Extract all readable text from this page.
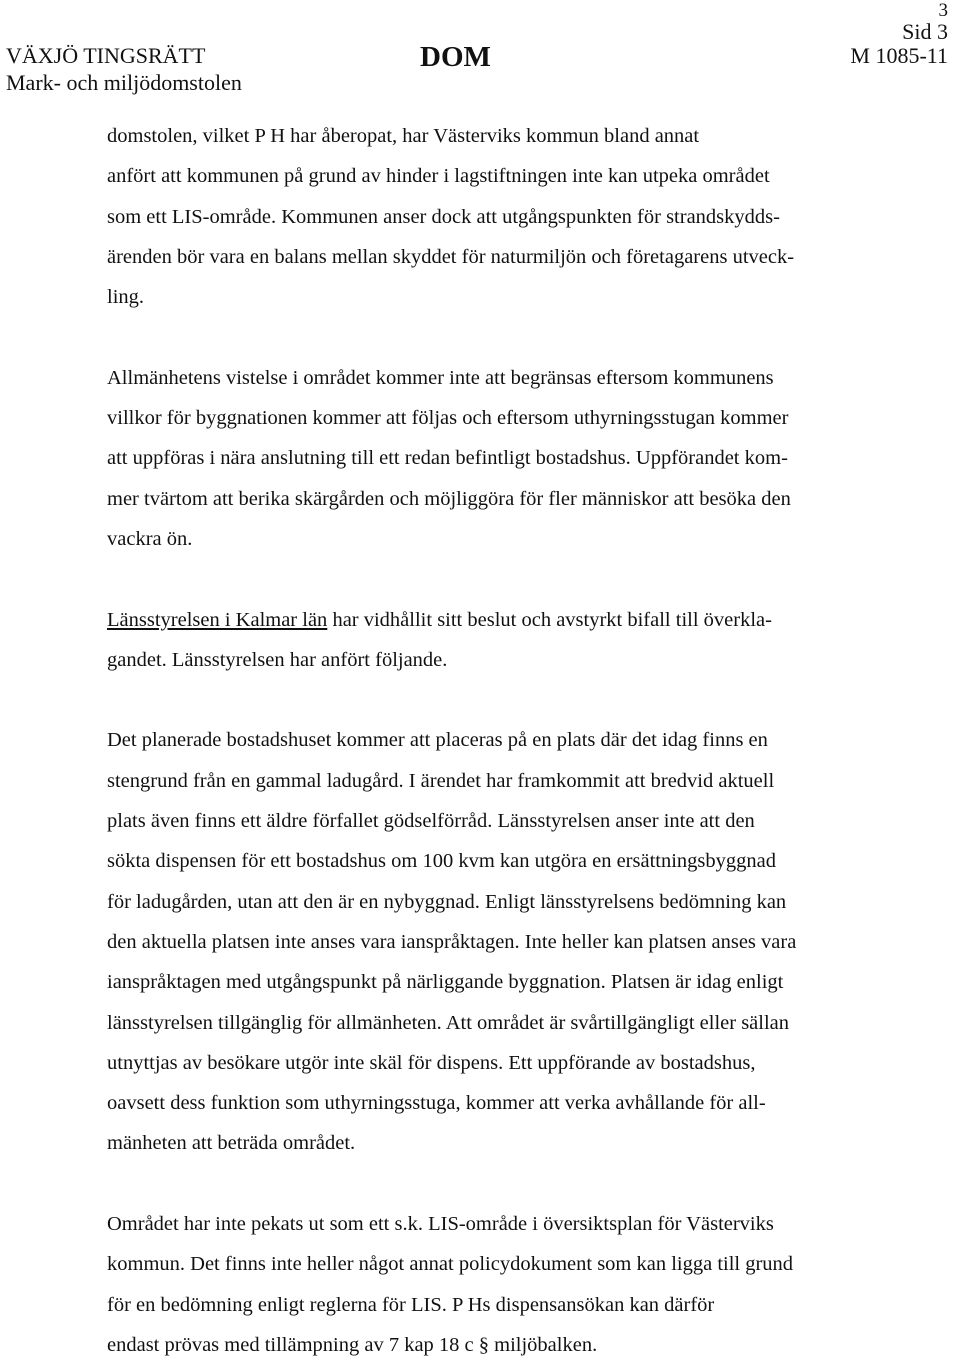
3
VÄXJÖ TINGSRÄTT
Mark- och miljödomstolen
DOM
Sid 3
M 1085-11
domstolen, vilket P H har åberopat, har Västerviks kommun bland annat
anfört att kommunen på grund av hinder i lagstiftningen inte kan utpeka området
som ett LIS-område. Kommunen anser dock att utgångspunkten för strandskydds-
ärenden bör vara en balans mellan skyddet för naturmiljön och företagarens utveck-
ling.
Allmänhetens vistelse i området kommer inte att begränsas eftersom kommunens
villkor för byggnationen kommer att följas och eftersom uthyrningsstugan kommer
att uppföras i nära anslutning till ett redan befintligt bostadshus. Uppförandet kom-
mer tvärtom att berika skärgården och möjliggöra för fler människor att besöka den
vackra ön.
Länsstyrelsen i Kalmar län har vidhållit sitt beslut och avstyrkt bifall till överkla-
gandet. Länsstyrelsen har anfört följande.
Det planerade bostadshuset kommer att placeras på en plats där det idag finns en
stengrund från en gammal ladugård. I ärendet har framkommit att bredvid aktuell
plats även finns ett äldre förfallet gödselförråd. Länsstyrelsen anser inte att den
sökta dispensen för ett bostadshus om 100 kvm kan utgöra en ersättningsbyggnad
för ladugården, utan att den är en nybyggnad. Enligt länsstyrelsens bedömning kan
den aktuella platsen inte anses vara ianspråktagen. Inte heller kan platsen anses vara
ianspråktagen med utgångspunkt på närliggande byggnation. Platsen är idag enligt
länsstyrelsen tillgänglig för allmänheten. Att området är svårtillgängligt eller sällan
utnyttjas av besökare utgör inte skäl för dispens. Ett uppförande av bostadshus,
oavsett dess funktion som uthyrningsstuga, kommer att verka avhållande för all-
mänheten att beträda området.
Området har inte pekats ut som ett s.k. LIS-område i översiktsplan för Västerviks
kommun. Det finns inte heller något annat policydokument som kan ligga till grund
för en bedömning enligt reglerna för LIS. P Hs dispensansökan kan därför
endast prövas med tillämpning av 7 kap 18 c § miljöbalken.
